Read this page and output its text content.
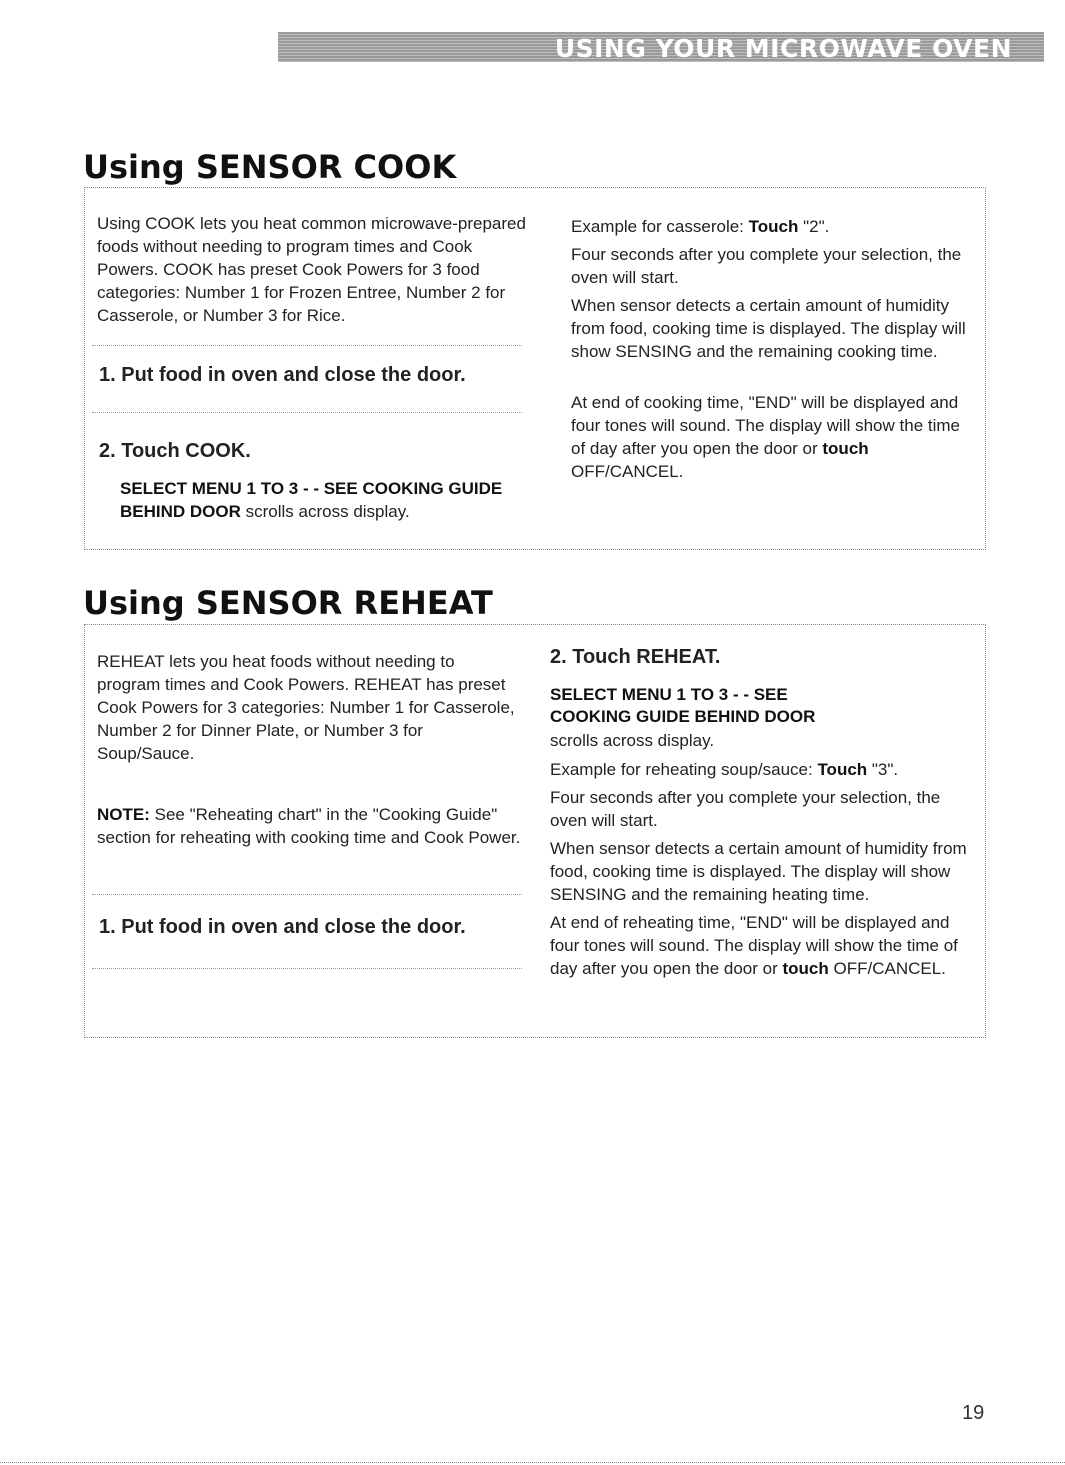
USING YOUR MICROWAVE OVEN
Using SENSOR COOK

Using COOK lets you heat common microwave-prepared foods without needing to program times and Cook Powers. COOK has preset Cook Powers for 3 food categories: Number 1 for Frozen Entree, Number 2 for Casserole, or Number 3 for Rice.

1. Put food in oven and close the door.

2. Touch COOK.

SELECT MENU 1 TO 3 - - SEE COOKING GUIDE BEHIND DOOR scrolls across display.

Example for casserole: Touch "2".

Four seconds after you complete your selection, the oven will start.

When sensor detects a certain amount of humidity from food, cooking time is displayed. The display will show SENSING and the remaining cooking time.

At end of cooking time, "END" will be displayed and four tones will sound. The display will show the time of day after you open the door or touch OFF/CANCEL.

Using SENSOR REHEAT

REHEAT lets you heat foods without needing to program times and Cook Powers. REHEAT has preset Cook Powers for 3 categories: Number 1 for Casserole, Number 2 for Dinner Plate, or Number 3 for Soup/Sauce.

NOTE: See "Reheating chart" in the "Cooking Guide" section for reheating with cooking time and Cook Power.

1. Put food in oven and close the door.

2. Touch REHEAT.

SELECT MENU 1 TO 3 - - SEE COOKING GUIDE BEHIND DOOR

scrolls across display.

Example for reheating soup/sauce: Touch "3".

Four seconds after you complete your selection, the oven will start.

When sensor detects a certain amount of humidity from food, cooking time is displayed. The display will show SENSING and the remaining heating time.

At end of reheating time, "END" will be displayed and four tones will sound. The display will show the time of day after you open the door or touch OFF/CANCEL.

19
